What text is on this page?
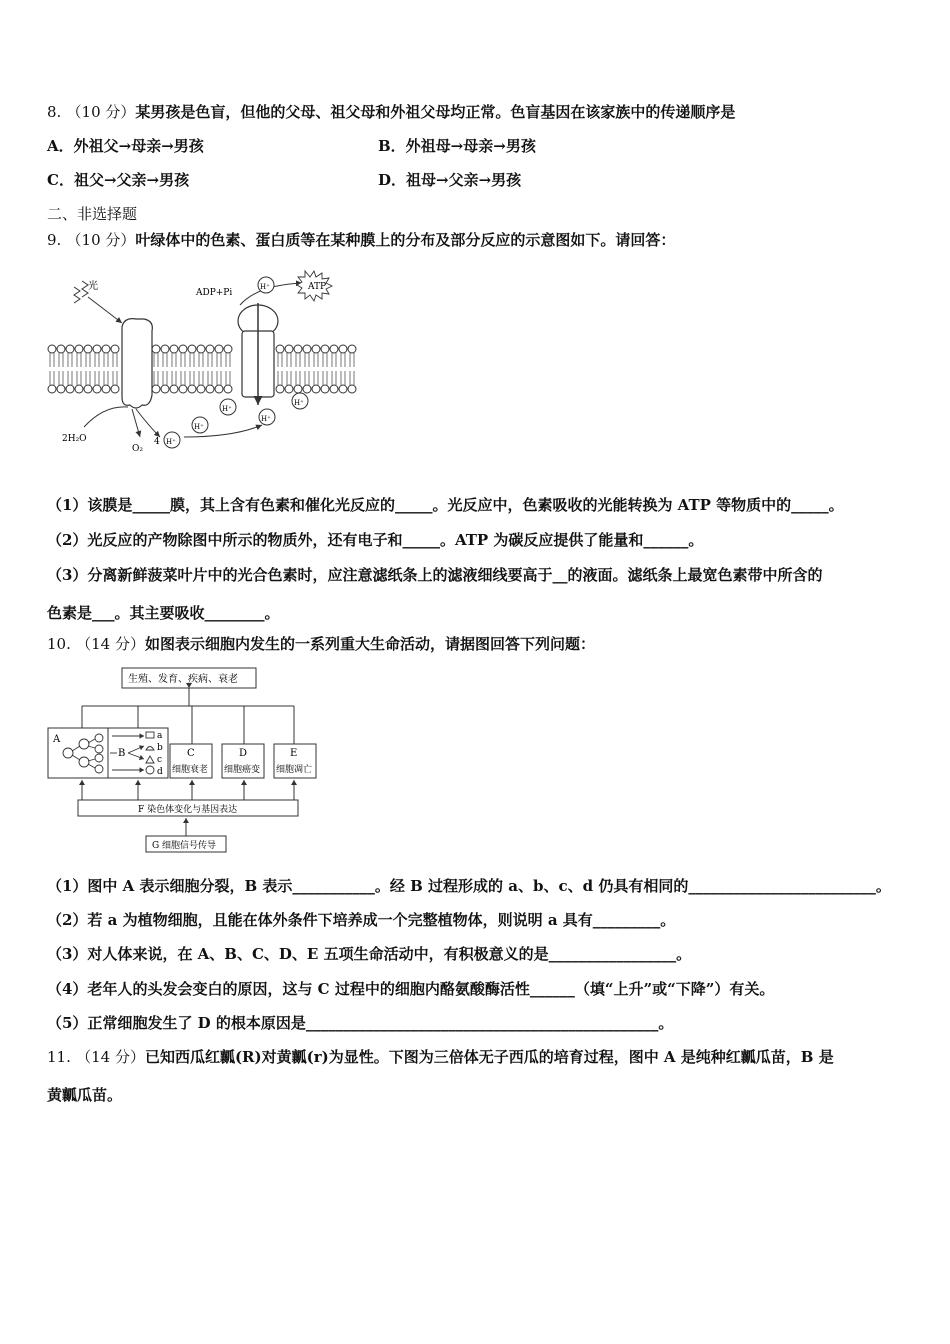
8. （10 分）某男孩是色盲，但他的父母、祖父母和外祖父母均正常。色盲基因在该家族中的传递顺序是
A．外祖父→母亲→男孩	B．外祖母→母亲→男孩
C．祖父→父亲→男孩	D．祖母→父亲→男孩
二、非选择题
9. （10 分）叶绿体中的色素、蛋白质等在某种膜上的分布及部分反应的示意图如下。请回答：
光
ADP+Pi
ATP
H⁺
H⁺
H⁺
H⁺
H⁺
H⁺
2H₂O
O₂
4
（1）该膜是_____膜，其上含有色素和催化光反应的_____。光反应中，色素吸收的光能转换为 ATP 等物质中的_____。
（2）光反应的产物除图中所示的物质外，还有电子和_____。ATP 为碳反应提供了能量和______。
（3）分离新鲜菠菜叶片中的光合色素时，应注意滤纸条上的滤液细线要高于__的液面。滤纸条上最宽色素带中所含的
色素是___。其主要吸收________。
10. （14 分）如图表示细胞内发生的一系列重大生命活动，请据图回答下列问题：
生殖、发育、疾病、衰老
A
B
a
b
c
d
C
细胞衰老
D
细胞癌变
E
细胞凋亡
F 染色体变化与基因表达
G 细胞信号传导
（1）图中 A 表示细胞分裂，B 表示___________。经 B 过程形成的 a、b、c、d 仍具有相同的_________________________。
（2）若 a 为植物细胞，且能在体外条件下培养成一个完整植物体，则说明 a 具有_________。
（3）对人体来说，在 A、B、C、D、E 五项生命活动中，有积极意义的是_________________。
（4）老年人的头发会变白的原因，这与 C 过程中的细胞内酪氨酸酶活性______（填“上升”或“下降”）有关。
（5）正常细胞发生了 D 的根本原因是_______________________________________________。
11. （14 分）已知西瓜红瓤(R)对黄瓤(r)为显性。下图为三倍体无子西瓜的培育过程，图中 A 是纯种红瓤瓜苗，B 是
黄瓤瓜苗。
